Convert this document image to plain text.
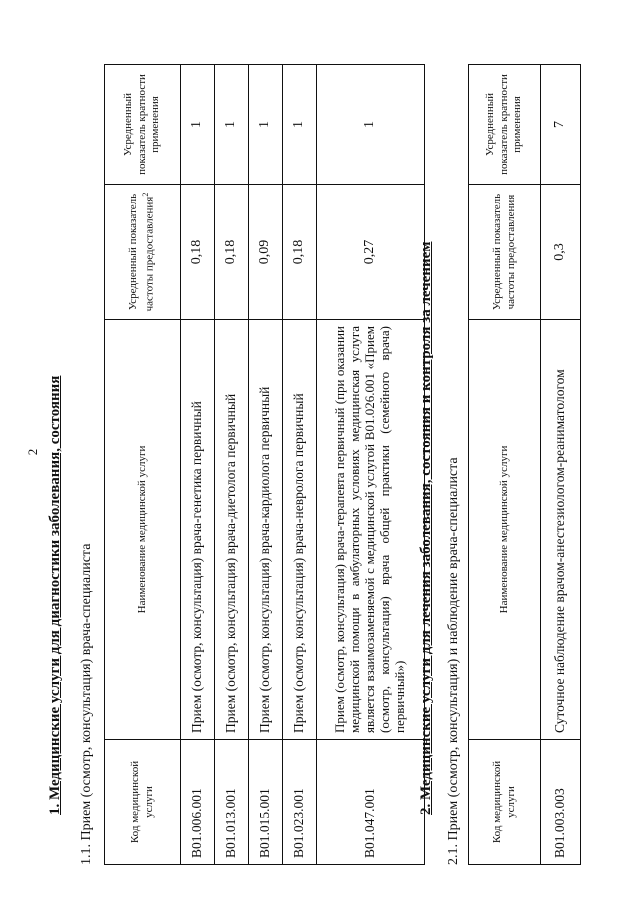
2 1. Медицинские услуги для диагностики заболевания, состояния 1.1. Прием (осмотр, консультация) врача-специалиста	Код медицинской услуги	Наименование медицинской услуги	Усредненный показатель частоты предоставления$^2$	Усредненный показатель кратности применения
B01.006.001	Прием (осмотр, консультация) врача-генетика первичный	0,18	1
B01.013.001	Прием (осмотр, консультация) врача-диетолога первичный	0,18	1
B01.015.001	Прием (осмотр, консультация) врача-кардиолога первичный	0,09	1
B01.023.001	Прием (осмотр, консультация) врача-невролога первичный	0,18	1
B01.047.001	Прием (осмотр, консультация) врача-терапевта первичный (при оказании медицинской помощи в амбулаторных условиях медицинская услуга является взаимозаменяемой с медицинской услугой B01.026.001 «Прием (осмотр, консультация) врача общей практики (семейного врача) первичный»)	0,27	1
2. Медицинские услуги для лечения заболевания, состояния и контроля за лечением 2.1. Прием (осмотр, консультация) и наблюдение врача-специалиста	Код медицинской услуги	Наименование медицинской услуги	Усредненный показатель частоты предоставления	Усредненный показатель кратности применения
B01.003.003	Суточное наблюдение врачом-анестезиологом-реаниматологом	0,3	7
